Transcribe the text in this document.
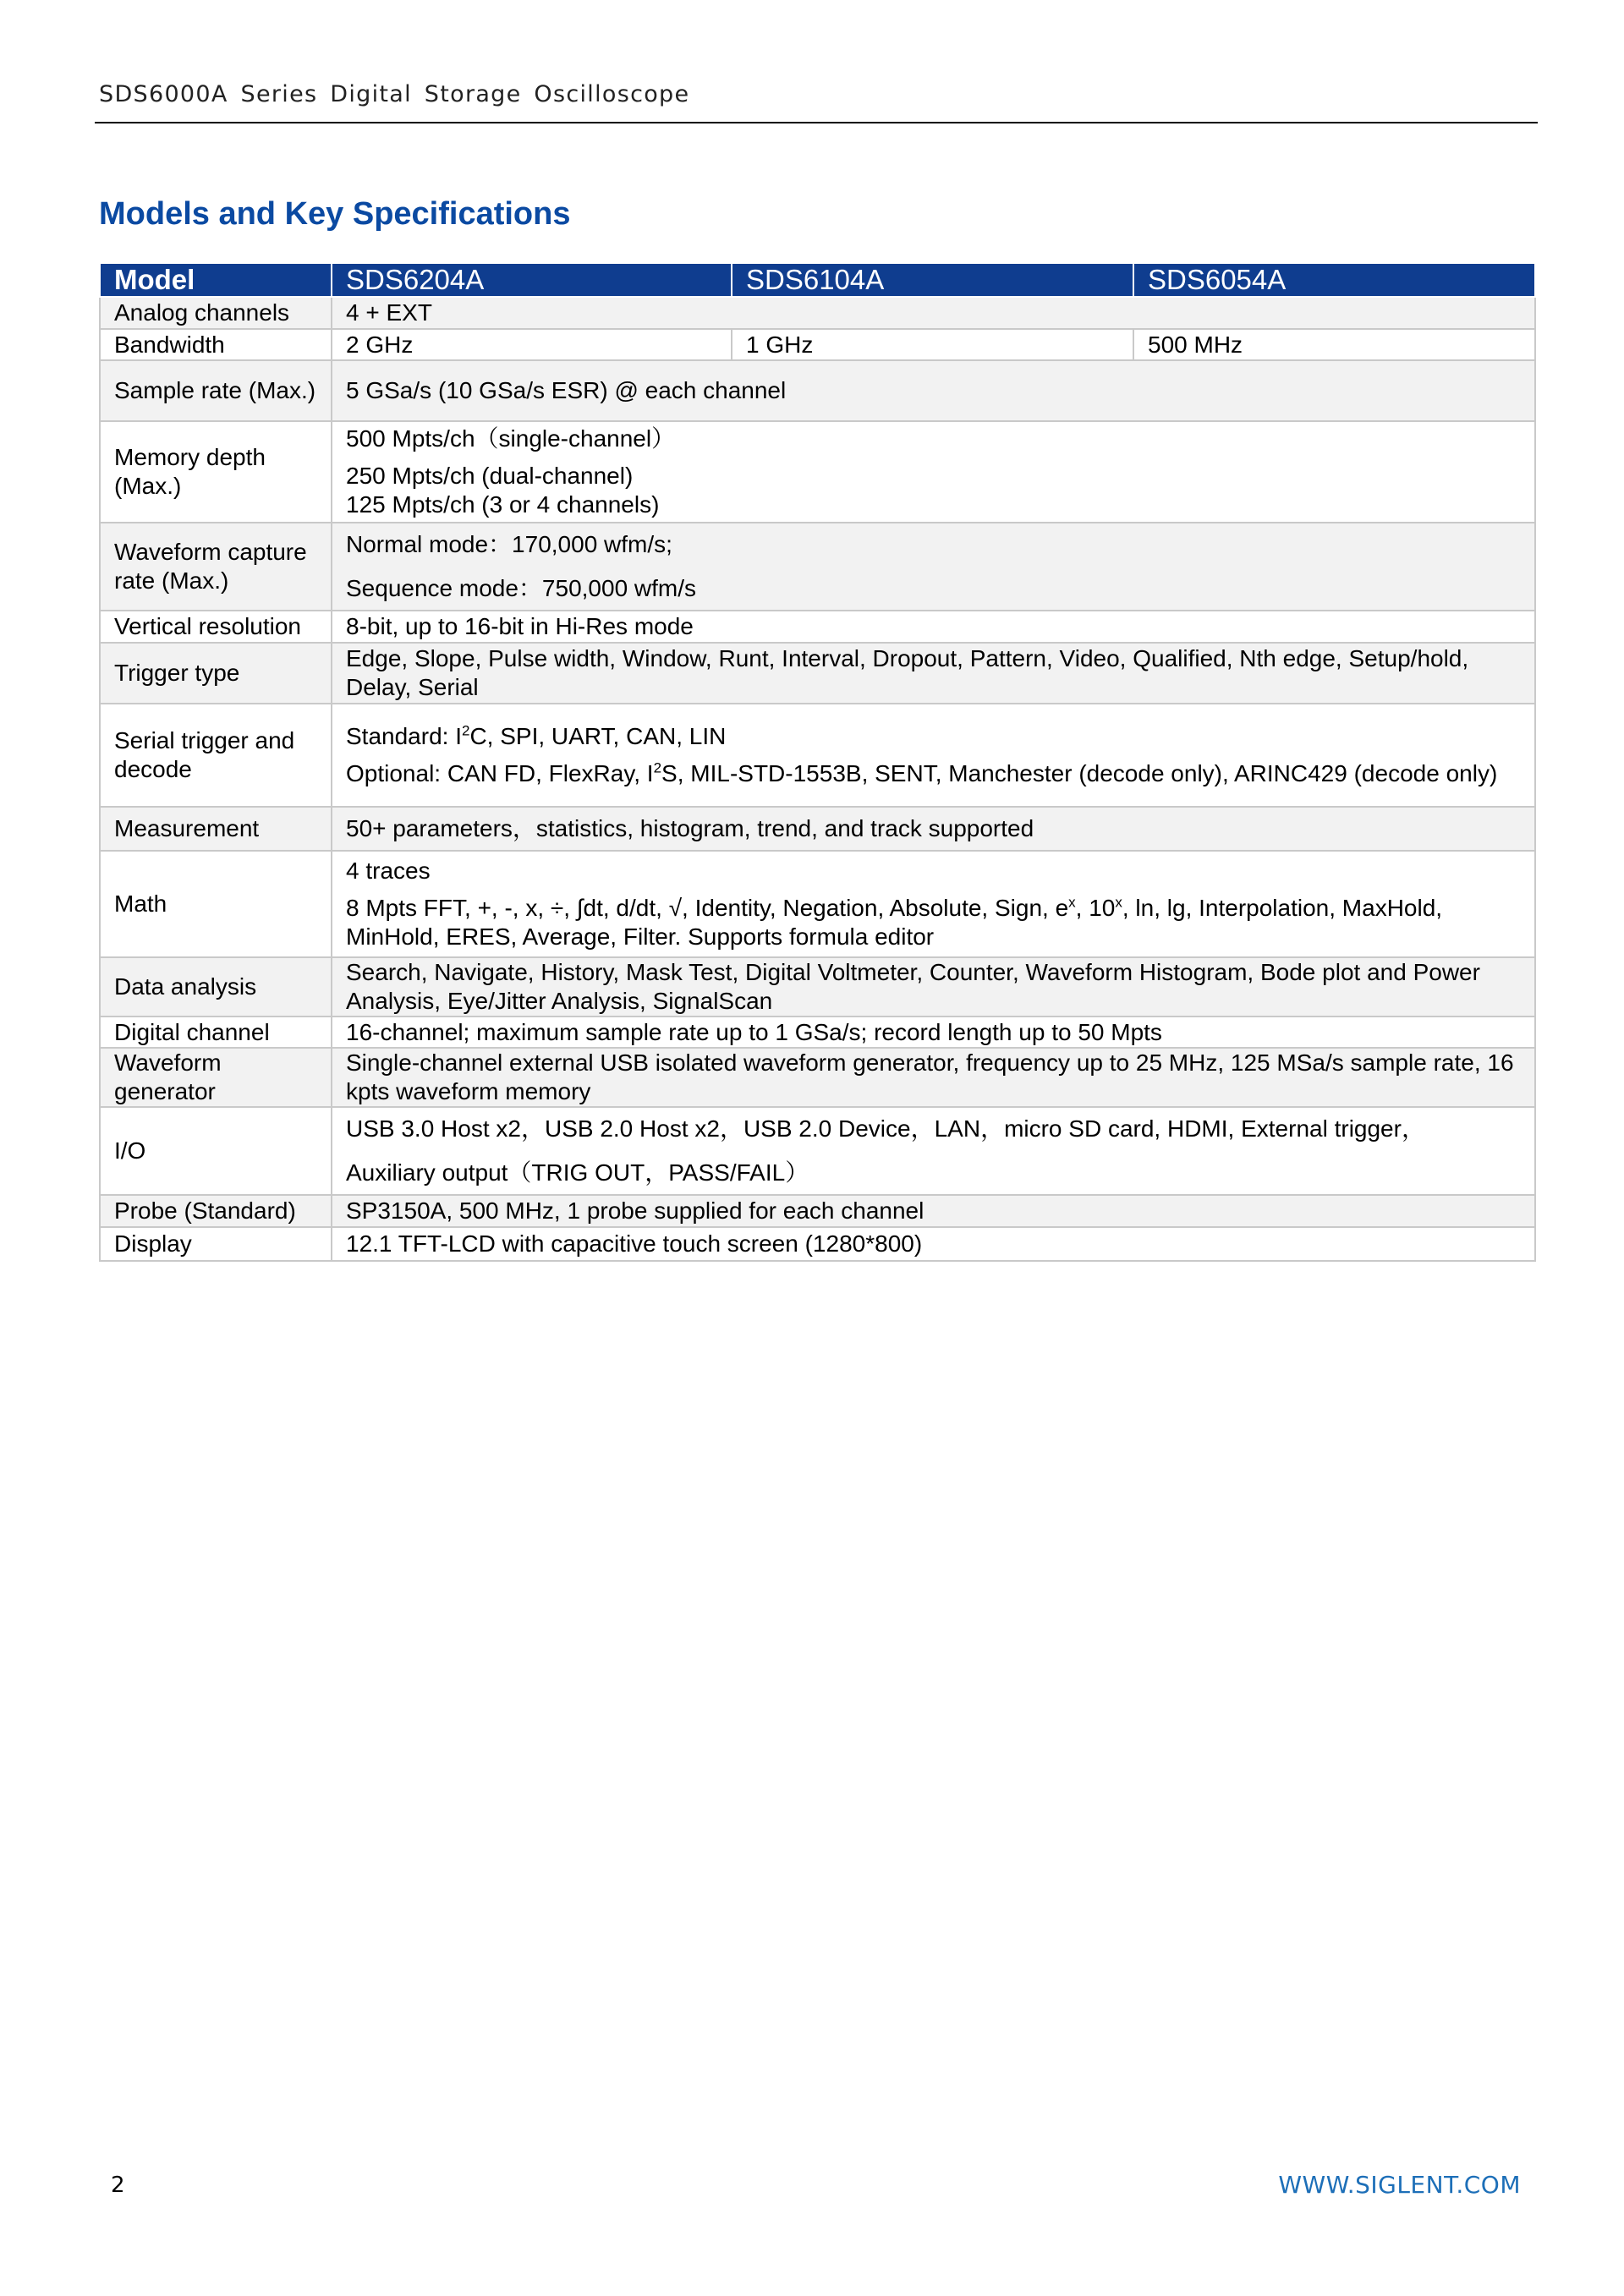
SDS6000A Series Digital Storage Oscilloscope
Models and Key Specifications
Model	SDS6204A	SDS6104A	SDS6054A
Analog channels	4 + EXT		
Bandwidth	2 GHz	1 GHz	500 MHz
Sample rate (Max.)	5 GSa/s (10 GSa/s ESR) @ each channel		
Memory depth (Max.)	500 Mpts/ch（single-channel）
250 Mpts/ch (dual-channel)
125 Mpts/ch (3 or 4 channels)		

Waveform capture rate (Max.)	Normal mode：170,000 wfm/s;
Sequence mode：750,000 wfm/s		

Vertical resolution	8-bit, up to 16-bit in Hi-Res mode		
Trigger type	Edge, Slope, Pulse width, Window, Runt, Interval, Dropout, Pattern, Video, Qualified, Nth edge, Setup/hold, Delay, Serial		
Serial trigger and decode	Standard: $I^2C$, SPI, UART, CAN, LIN
Optional: CAN FD, FlexRay, $I^2S$, MIL-STD-1553B, SENT, Manchester (decode only), ARINC429 (decode only)		

Measurement	50+ parameters，statistics, histogram, trend, and track supported		
Math	4 traces
8 Mpts FFT, +, -, x, ÷, ∫dt, d/dt, √, Identity, Negation, Absolute, Sign, $e^x$, 10$^x$, ln, lg, Interpolation, MaxHold, MinHold, ERES, Average, Filter. Supports formula editor		

Data analysis	Search, Navigate, History, Mask Test, Digital Voltmeter, Counter, Waveform Histogram, Bode plot and Power Analysis, Eye/Jitter Analysis, SignalScan		
Digital channel	16-channel; maximum sample rate up to 1 GSa/s; record length up to 50 Mpts		
Waveform generator	Single-channel external USB isolated waveform generator, frequency up to 25 MHz, 125 MSa/s sample rate, 16 kpts waveform memory		
I/O	USB 3.0 Host x2，USB 2.0 Host x2，USB 2.0 Device，LAN，micro SD card, HDMI, External trigger，
Auxiliary output（TRIG OUT，PASS/FAIL）		

Probe (Standard)	SP3150A, 500 MHz, 1 probe supplied for each channel		
Display	12.1 TFT-LCD with capacitive touch screen (1280*800)		
2	WWW.SIGLENT.COM
